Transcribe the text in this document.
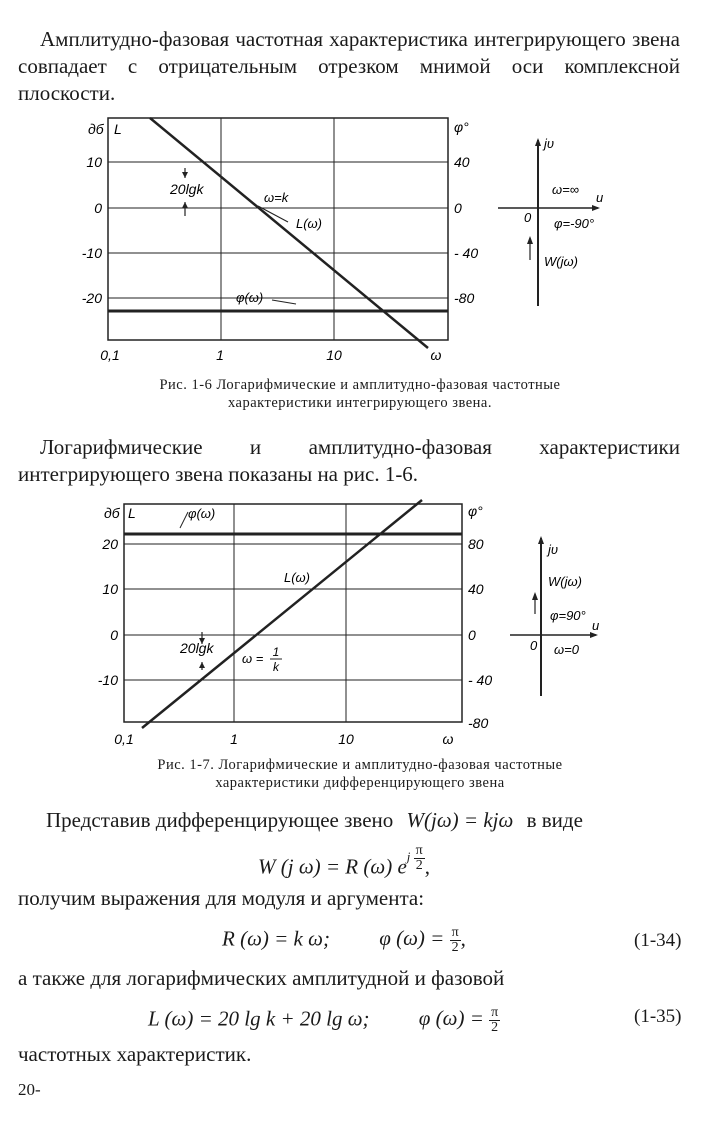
Амплитудно-фазовая частотная характеристика интегрирующего звена совпадает с отрицательным отрезком мнимой оси комплексной плоскости.

дб L	φ°
10
0
-10
-20
40
0
- 40
-80
0,1	1	10	ω
20lgk
ω=k
L(ω)
φ(ω)
jυ
ω=∞
u
0 φ=-90°
W(jω)
Рис. 1-6 Логарифмические и амплитудно-фазовая частотные
характеристики интегрирующего звена.

Логарифмические и амплитудно-фазовая характеристики интегрирующего звена показаны на рис. 1-6.

дб L	φ°
φ(ω)
20
10
0
-10
80
40
0
- 40
-80
0,1	1	10	ω
L(ω)
20lgk
ω = 1
k
jυ
W(jω)
φ=90°
u
0 ω=0
Рис. 1-7. Логарифмические и амплитудно-фазовая частотные
характеристики дифференцирующего звена
Представив дифференцирующее звено W(jω) = kjω в виде
W (j ω) = R (ω) $e^{j \frac{\pi}{2}}$ ,
получим выражения для модуля и аргумента:
R (ω) = k ω; φ $(\omega) = \frac{\pi}{2}$ ,	(1-34)
а также для логарифмических амплитудной и фазовой
L (ω) = 20 lg k + 20 lg ω; φ $(\omega) = \frac{\pi}{2}$	(1-35)
частотных характеристик.
20-
